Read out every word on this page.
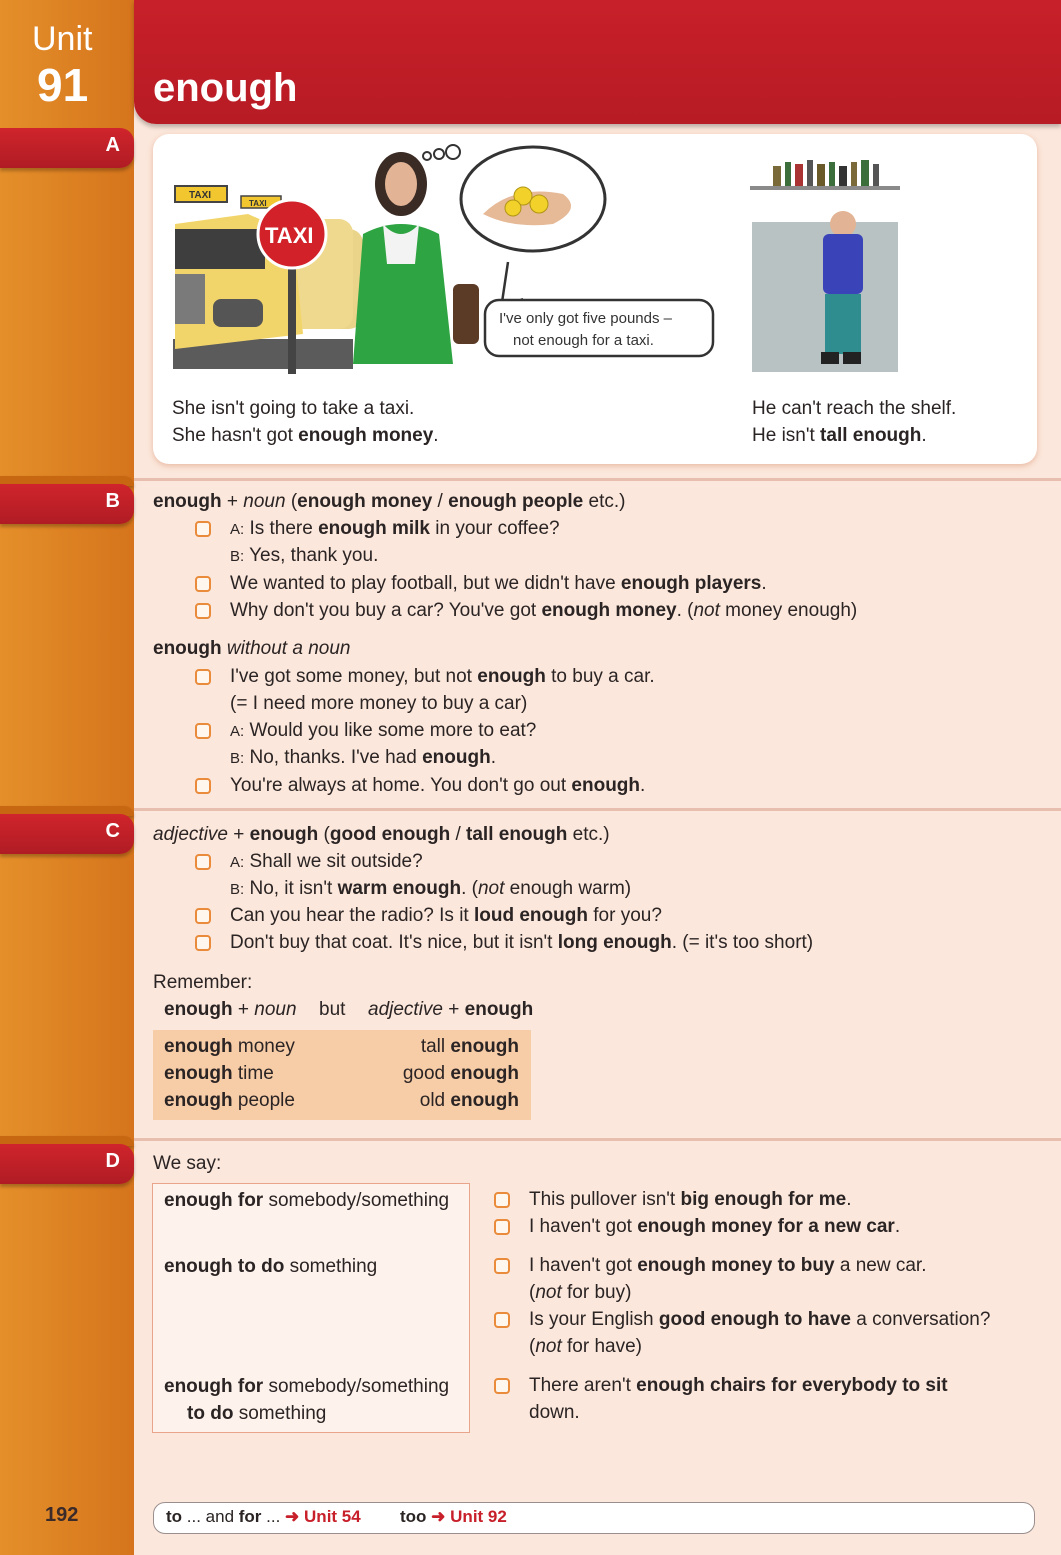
Unit
91 enough
A
B
C
D
TAXI
TAXI
TAXI
I've only got five pounds –
not enough for a taxi.
She isn't going to take a taxi.
She hasn't got enough money.
He can't reach the shelf.
He isn't tall enough.
enough + noun (enough money / enough people etc.)
A: Is there enough milk in your coffee?
B: Yes, thank you.
We wanted to play football, but we didn't have enough players.
Why don't you buy a car? You've got enough money. (not money enough)
enough without a noun
I've got some money, but not enough to buy a car.
(= I need more money to buy a car)
A: Would you like some more to eat?
B: No, thanks. I've had enough.
You're always at home. You don't go out enough.
adjective + enough (good enough / tall enough etc.)
A: Shall we sit outside?
B: No, it isn't warm enough. (not enough warm)
Can you hear the radio? Is it loud enough for you?
Don't buy that coat. It's nice, but it isn't long enough. (= it's too short)
Remember:
enough + noun but adjective + enough
enough money
enough time
enough people
tall enough
good enough
old enough
We say:
enough for somebody/something
enough to do something
enough for somebody/something
to do something
This pullover isn't big enough for me.
I haven't got enough money for a new car.
I haven't got enough money to buy a new car.
(not for buy)
Is your English good enough to have a conversation?
(not for have)
There aren't enough chairs for everybody to sit
down.
192	to ... and for ... ➜ Unit 54 too ➜ Unit 92
